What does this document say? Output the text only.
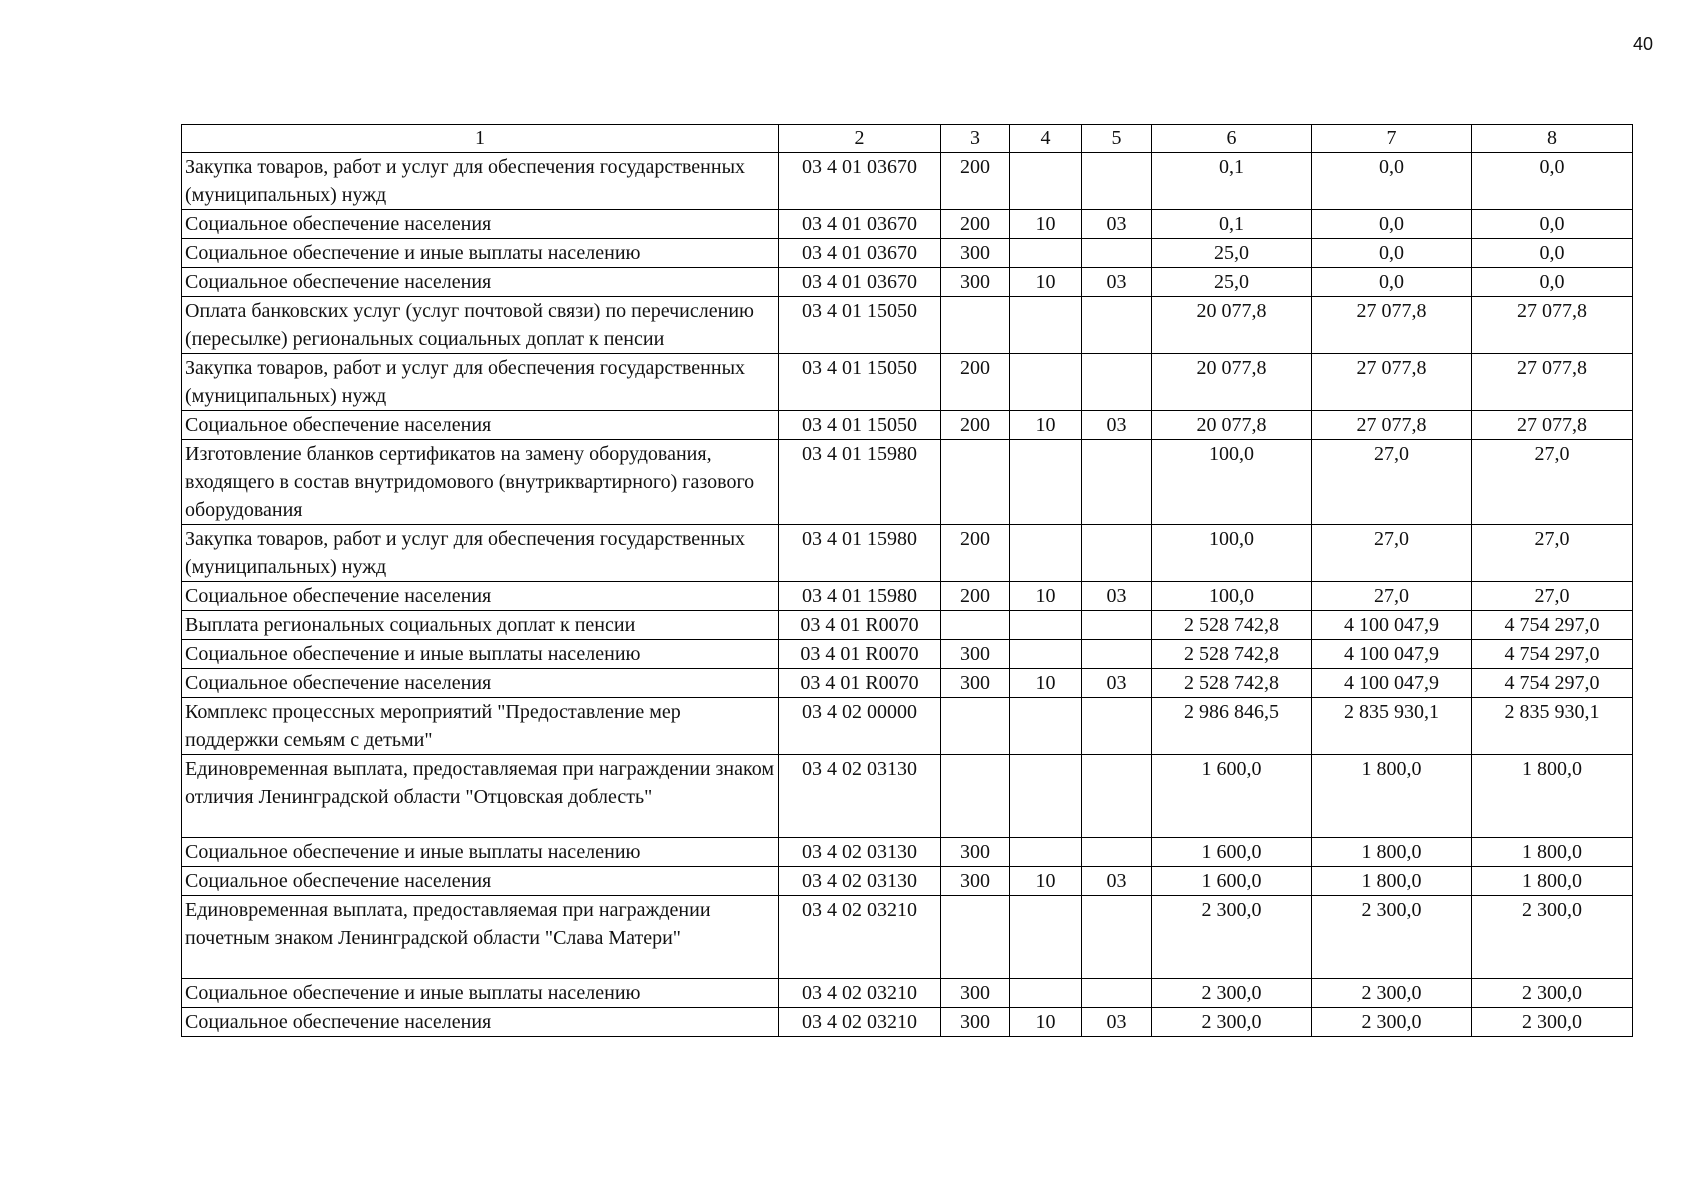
40
1	2	3	4	5	6	7	8
Закупка товаров, работ и услуг для обеспечения государственных (муниципальных) нужд	03 4 01 03670	200			0,1	0,0	0,0
Социальное обеспечение населения	03 4 01 03670	200	10	03	0,1	0,0	0,0
Социальное обеспечение и иные выплаты населению	03 4 01 03670	300			25,0	0,0	0,0
Социальное обеспечение населения	03 4 01 03670	300	10	03	25,0	0,0	0,0
Оплата банковских услуг (услуг почтовой связи) по перечислению (пересылке) региональных социальных доплат к пенсии	03 4 01 15050				20 077,8	27 077,8	27 077,8
Закупка товаров, работ и услуг для обеспечения государственных (муниципальных) нужд	03 4 01 15050	200			20 077,8	27 077,8	27 077,8
Социальное обеспечение населения	03 4 01 15050	200	10	03	20 077,8	27 077,8	27 077,8
Изготовление бланков сертификатов на замену оборудования, входящего в состав внутридомового (внутриквартирного) газового оборудования	03 4 01 15980				100,0	27,0	27,0
Закупка товаров, работ и услуг для обеспечения государственных (муниципальных) нужд	03 4 01 15980	200			100,0	27,0	27,0
Социальное обеспечение населения	03 4 01 15980	200	10	03	100,0	27,0	27,0
Выплата региональных социальных доплат к пенсии	03 4 01 R0070				2 528 742,8	4 100 047,9	4 754 297,0
Социальное обеспечение и иные выплаты населению	03 4 01 R0070	300			2 528 742,8	4 100 047,9	4 754 297,0
Социальное обеспечение населения	03 4 01 R0070	300	10	03	2 528 742,8	4 100 047,9	4 754 297,0
Комплекс процессных мероприятий "Предоставление мер поддержки семьям с детьми"	03 4 02 00000				2 986 846,5	2 835 930,1	2 835 930,1
Единовременная выплата, предоставляемая при награждении знаком отличия Ленинградской области "Отцовская доблесть"	03 4 02 03130				1 600,0	1 800,0	1 800,0
Социальное обеспечение и иные выплаты населению	03 4 02 03130	300			1 600,0	1 800,0	1 800,0
Социальное обеспечение населения	03 4 02 03130	300	10	03	1 600,0	1 800,0	1 800,0
Единовременная выплата, предоставляемая при награждении почетным знаком Ленинградской области "Слава Матери"	03 4 02 03210				2 300,0	2 300,0	2 300,0
Социальное обеспечение и иные выплаты населению	03 4 02 03210	300			2 300,0	2 300,0	2 300,0
Социальное обеспечение населения	03 4 02 03210	300	10	03	2 300,0	2 300,0	2 300,0
